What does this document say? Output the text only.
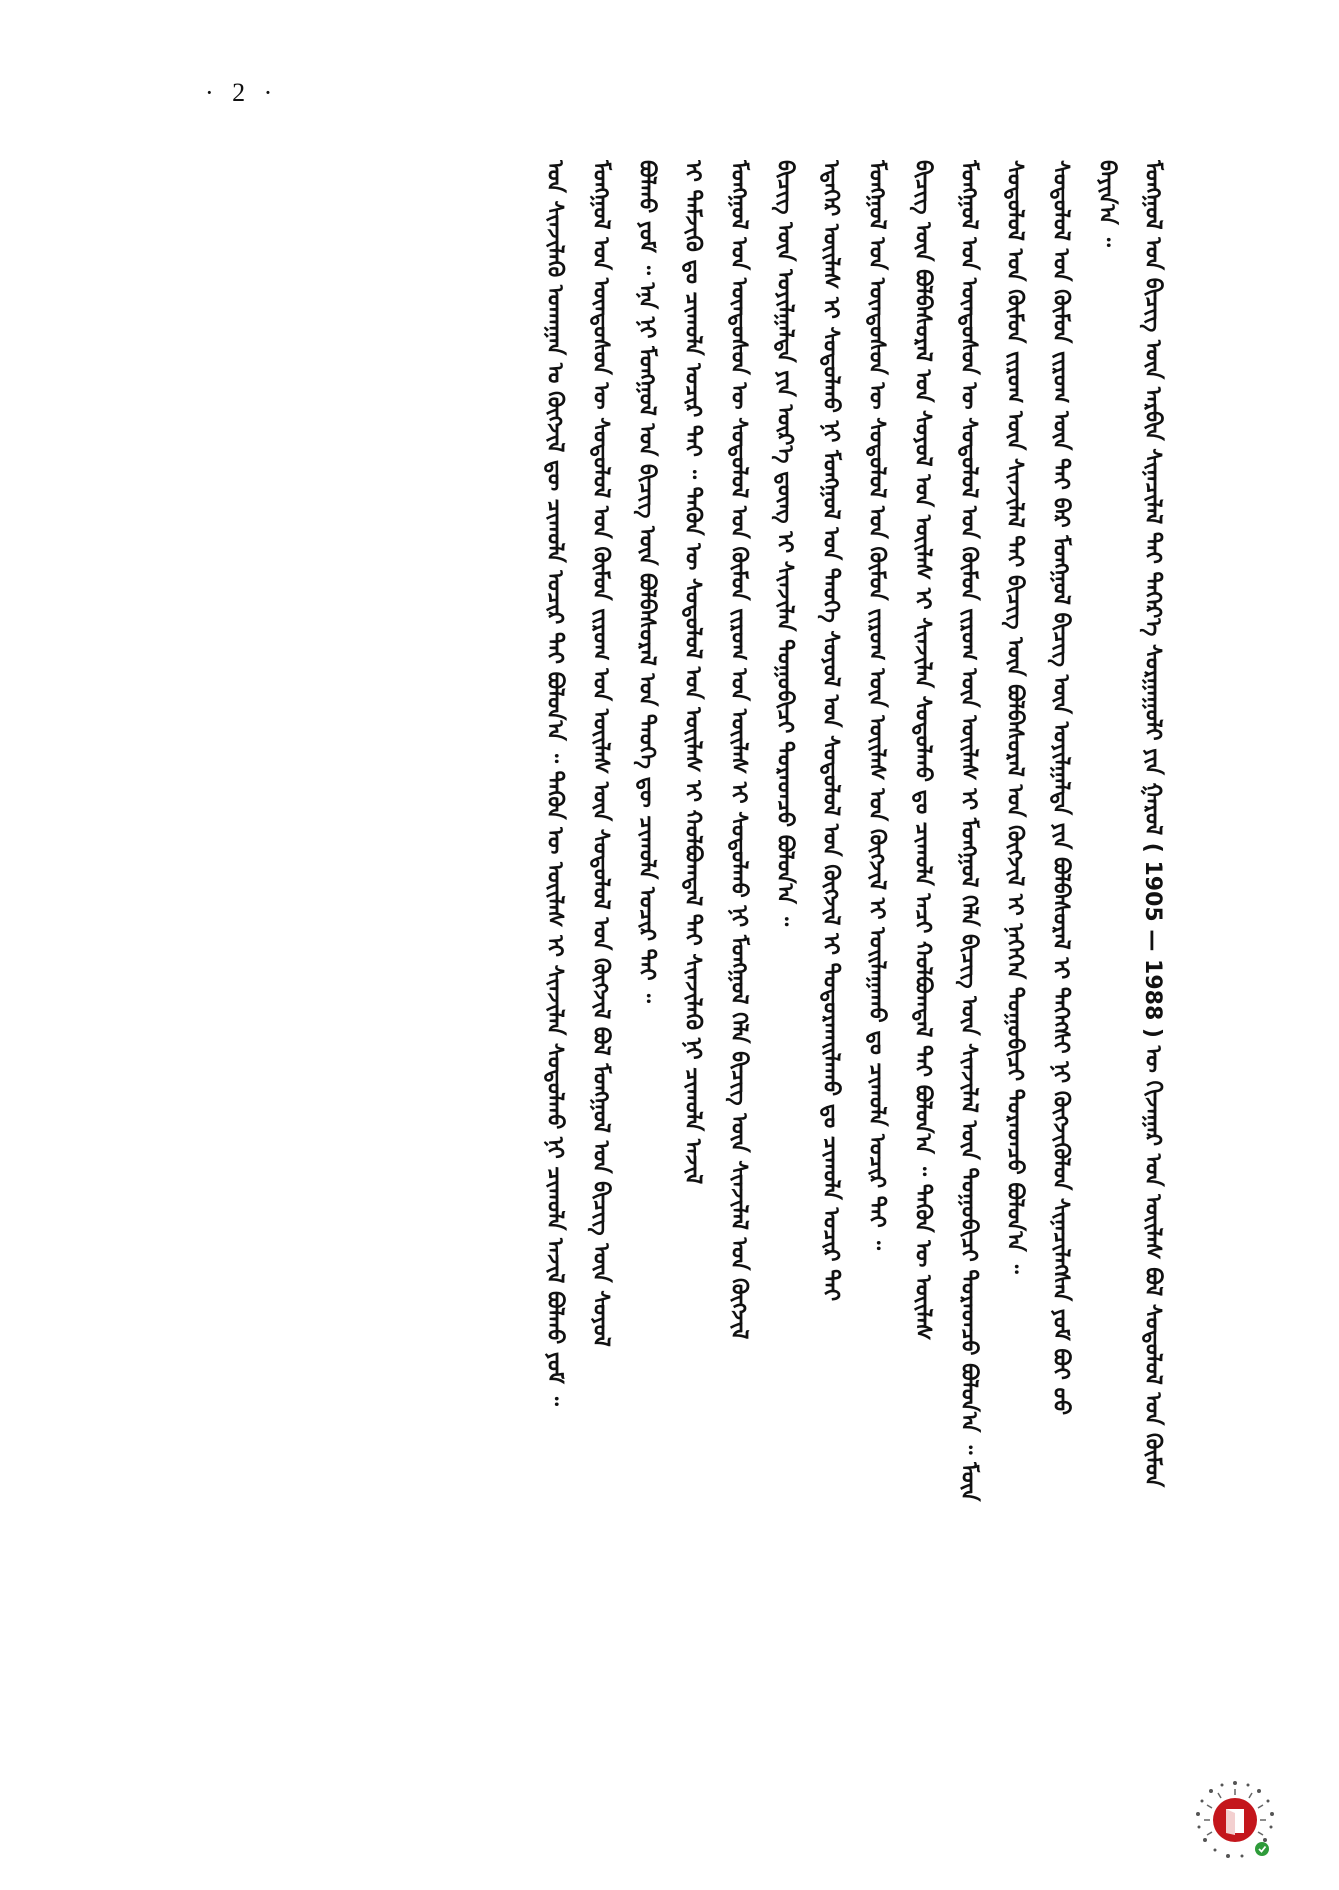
· 2 ·
ᠮᠣᠩᠭᠣᠯ ᠤᠨ ᠪᠢᠴᠢᠭ ᠦᠨ ᠠᠷᠪᠢᠨ ᠰᠢᠨᠡᠴᠢᠯᠡᠯ ᠲᠡᠢ ᠳᠡᠭᠡᠷ᠎ᠡ ᠰᠤᠷᠭᠠᠭᠤᠯᠢ ᠶᠢᠨ ᠭᠠᠷᠤᠯ ( 1905 — 1988 ) ᠦ ᠬᠢᠵᠠᠭᠠᠷ ᠤᠨ ᠦᠢᠯᠡᠰ ᠪᠤᠯ ᠰᠤᠳᠤᠯᠤᠯ ᠤᠨ ᠬᠦᠮᠦᠨ
ᠪᠠᠶᠢᠨ᠎ᠠ ᠃
ᠰᠤᠳᠤᠯᠤᠯ ᠤᠨ ᠬᠦᠮᠦᠨ ᠵᠢᠷᠤᠭ ᠦᠨ ᠲᠠᠢ ᠪᠠᠷ ᠮᠣᠩᠭᠣᠯ ᠪᠢᠴᠢᠭ ᠦᠨ ᠣᠶᠢᠯᠭᠠᠯᠲᠠ ᠶᠢᠨ ᠪᠣᠯᠪᠠᠰᠤᠷᠠᠯ ᠢ ᠳᠡᠭᠡᠭᠰᠢ ᠨᠢ ᠬᠥᠭᠵᠢᠭᠦᠯᠦᠨ ᠰᠢᠨᠡᠴᠢᠯᠡᠭᠰᠡᠨ ᠶᠤᠮ ᠪᠤᠢ ᠤᠤ
ᠰᠤᠳᠤᠯᠤᠯ ᠤᠨ ᠬᠦᠮᠦᠨ ᠵᠢᠷᠤᠭ ᠦᠨ ᠰᠢᠨᠵᠢᠯᠡᠯ ᠲᠡᠢ ᠪᠢᠴᠢᠭ ᠦᠨ ᠪᠣᠯᠪᠠᠰᠤᠷᠠᠯ ᠤᠨ ᠬᠥᠭᠵᠢᠯ ᠢ ᠨᠡᠭᠡᠭᠡᠨ ᠲᠣᠭᠣᠪᠢᠴᠢ ᠳᠤᠷᠠᠳᠴᠤ ᠪᠣᠯᠤᠨ᠎ᠠ ᠃
ᠮᠣᠩᠭᠣᠯ ᠤᠨ ᠦᠨᠳᠦᠰᠦᠨ ᠦ ᠰᠤᠳᠤᠯᠤᠯ ᠤᠨ ᠬᠦᠮᠦᠨ ᠵᠢᠷᠤᠭ ᠦᠨ ᠦᠢᠯᠡᠰ ᠢ ᠮᠣᠩᠭᠣᠯ ᠬᠡᠯᠡ ᠪᠢᠴᠢᠭ ᠦᠨ ᠰᠢᠨᠵᠢᠯᠡᠯ ᠦᠨ ᠲᠣᠭᠣᠪᠢᠴᠢ ᠳᠤᠷᠠᠳᠴᠤ ᠪᠣᠯᠤᠨ᠎ᠠ ᠃ ᠮᠥᠨ
ᠪᠢᠴᠢᠭ ᠦᠨ ᠪᠣᠯᠪᠠᠰᠤᠷᠠᠯ ᠤᠨ ᠰᠣᠶᠣᠯ ᠤᠨ ᠦᠢᠯᠡᠰ ᠢ ᠰᠢᠨᠵᠢᠯᠡᠨ ᠰᠤᠳᠤᠯᠬᠤ ᠳᠤ ᠴᠢᠬᠤᠯᠠ ᠠᠴᠢ ᠬᠣᠯᠪᠣᠭᠳᠠᠯ ᠲᠠᠢ ᠪᠣᠯᠤᠨ᠎ᠠ ᠃ ᠲᠡᠭᠦᠨ ᠦ ᠦᠢᠯᠡᠰ
ᠮᠣᠩᠭᠣᠯ ᠤᠨ ᠦᠨᠳᠦᠰᠦᠨ ᠦ ᠰᠤᠳᠤᠯᠤᠯ ᠤᠨ ᠬᠦᠮᠦᠨ ᠵᠢᠷᠤᠭ ᠦᠨ ᠦᠢᠯᠡᠰ ᠤᠨ ᠬᠥᠭᠵᠢᠯ ᠢ ᠣᠢᠯᠠᠭᠠᠬᠤ ᠳᠤ ᠴᠢᠬᠤᠯᠠ ᠤᠴᠢᠷ ᠲᠠᠢ ᠃
ᠡᠳᠡᠭᠡᠷ ᠦᠢᠯᠡᠰ ᠢ ᠰᠤᠳᠤᠯᠬᠤ ᠨᠢ ᠮᠣᠩᠭᠣᠯ ᠤᠨ ᠲᠡᠦᠬᠡ ᠰᠣᠶᠣᠯ ᠤᠨ ᠰᠤᠳᠤᠯᠤᠯ ᠤᠨ ᠬᠥᠭᠵᠢᠯ ᠢ ᠲᠣᠳᠣᠷᠬᠠᠢᠯᠠᠬᠤ ᠳᠤ ᠴᠢᠬᠤᠯᠠ ᠤᠴᠢᠷ ᠲᠠᠢ
ᠪᠢᠴᠢᠭ ᠦᠨ ᠣᠶᠢᠯᠭᠠᠯᠲᠠ ᠶᠢᠨ ᠦᠷ᠎ᠡ ᠳ᠋ᠦᠩ ᠢ ᠰᠢᠨᠵᠢᠯᠡᠨ ᠲᠣᠭᠣᠪᠢᠴᠢ ᠳᠤᠷᠠᠳᠴᠤ ᠪᠣᠯᠤᠨ᠎ᠠ ᠃
ᠮᠣᠩᠭᠣᠯ ᠤᠨ ᠦᠨᠳᠦᠰᠦᠨ ᠦ ᠰᠤᠳᠤᠯᠤᠯ ᠤᠨ ᠬᠦᠮᠦᠨ ᠵᠢᠷᠤᠭ ᠤᠨ ᠦᠢᠯᠡᠰ ᠢ ᠰᠤᠳᠤᠯᠬᠤ ᠨᠢ ᠮᠣᠩᠭᠣᠯ ᠬᠡᠯᠡ ᠪᠢᠴᠢᠭ ᠦᠨ ᠰᠢᠨᠵᠢᠯᠡᠯ ᠤᠨ ᠬᠥᠭᠵᠢᠯ
ᠢ ᠳᠡᠮᠵᠢᠬᠦ ᠳᠤ ᠴᠢᠬᠤᠯᠠ ᠤᠴᠢᠷ ᠲᠠᠢ ᠃ ᠲᠡᠭᠦᠨ ᠦ ᠰᠤᠳᠤᠯᠤᠯ ᠤᠨ ᠦᠢᠯᠡᠰ ᠢ ᠬᠣᠯᠪᠣᠭᠳᠠᠯ ᠲᠠᠢ ᠰᠢᠨᠵᠢᠯᠡᠬᠦ ᠨᠢ ᠴᠢᠬᠤᠯᠠ ᠠᠵᠢᠯ
ᠪᠣᠯᠬᠤ ᠶᠤᠮ ᠃ ᠡᠨᠡ ᠨᠢ ᠮᠣᠩᠭᠣᠯ ᠤᠨ ᠪᠢᠴᠢᠭ ᠦᠨ ᠪᠣᠯᠪᠠᠰᠤᠷᠠᠯ ᠤᠨ ᠲᠡᠦᠬᠡ ᠳᠦ ᠴᠢᠬᠤᠯᠠ ᠤᠴᠢᠷ ᠲᠠᠢ ᠃
ᠮᠣᠩᠭᠣᠯ ᠤᠨ ᠦᠨᠳᠦᠰᠦᠨ ᠦ ᠰᠤᠳᠤᠯᠤᠯ ᠤᠨ ᠬᠦᠮᠦᠨ ᠵᠢᠷᠤᠭ ᠤᠨ ᠦᠢᠯᠡᠰ ᠦᠨ ᠰᠤᠳᠤᠯᠤᠯ ᠤᠨ ᠬᠥᠭᠵᠢᠯ ᠪᠣᠯ ᠮᠣᠩᠭᠣᠯ ᠤᠨ ᠪᠢᠴᠢᠭ ᠦᠨ ᠰᠣᠶᠣᠯ
ᠤᠨ ᠰᠢᠨᠵᠢᠯᠡᠬᠦ ᠤᠬᠠᠭᠠᠨ ᠤ ᠬᠥᠭᠵᠢᠯ ᠳᠦ ᠴᠢᠬᠤᠯᠠ ᠤᠴᠢᠷ ᠲᠠᠢ ᠪᠣᠯᠤᠨ᠎ᠠ ᠃ ᠲᠡᠭᠦᠨ ᠦ ᠦᠢᠯᠡᠰ ᠢ ᠰᠢᠨᠵᠢᠯᠡᠨ ᠰᠤᠳᠤᠯᠬᠤ ᠨᠢ ᠴᠢᠬᠤᠯᠠ ᠠᠵᠢᠯ ᠪᠣᠯᠬᠤ ᠶᠤᠮ ᠃
